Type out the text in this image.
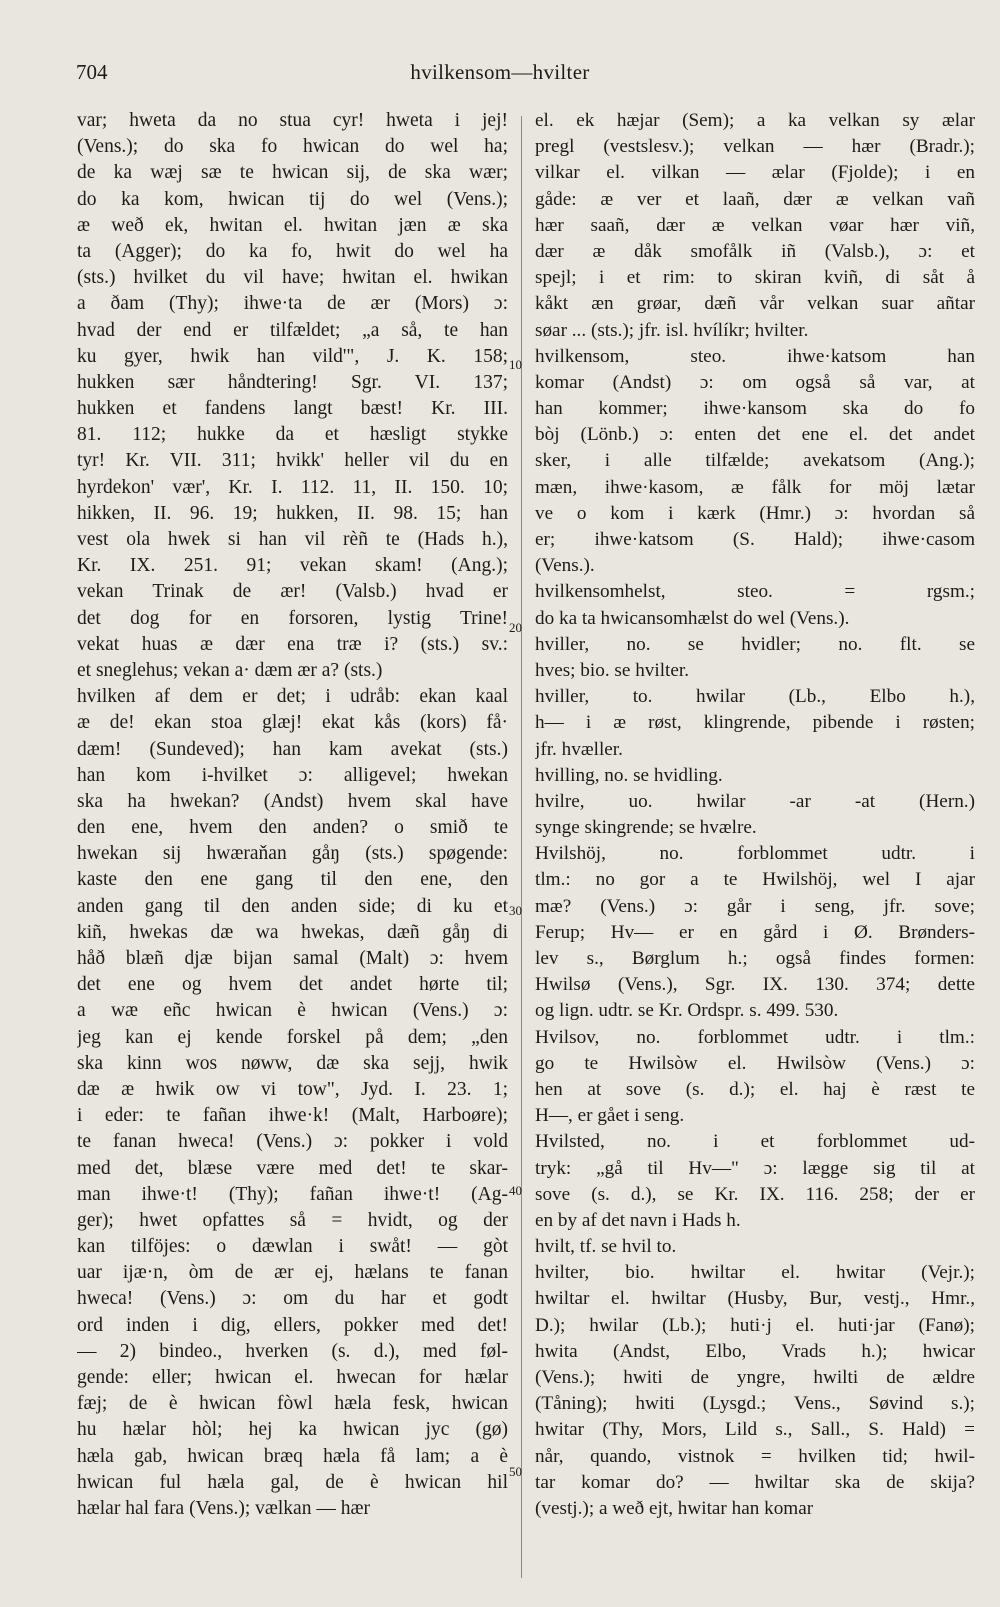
704	hvilkensom—hvilter
var; hweta da no stua cyr! hweta i jej!
(Vens.); do ska fo hwican do wel ha;
de ka wæj sæ te hwican sij, de ska wær;
do ka kom, hwican tij do wel (Vens.);
æ weð ek, hwitan el. hwitan jæn æ ska
ta (Agger); do ka fo, hwit do wel ha
(sts.) hvilket du vil have; hwitan el. hwikan
a ðam (Thy); ihwe·ta de ær (Mors) ɔ:
hvad der end er tilfældet; „a så, te han
ku gyer, hwik han vild'", J. K. 158;
hukken sær håndtering! Sgr. VI. 137;
hukken et fandens langt bæst! Kr. III.
81. 112; hukke da et hæsligt stykke
tyr! Kr. VII. 311; hvikk' heller vil du en
hyrdekon' vær', Kr. I. 112. 11, II. 150. 10;
hikken, II. 96. 19; hukken, II. 98. 15; han
vest ola hwek si han vil rèñ te (Hads h.),
Kr. IX. 251. 91; vekan skam! (Ang.);
vekan Trinak de ær! (Valsb.) hvad er
det dog for en forsoren, lystig Trine!
vekat huas æ dær ena træ i? (sts.) sv.:
et sneglehus; vekan a· dæm ær a? (sts.)
hvilken af dem er det; i udråb: ekan kaal
æ de! ekan stoa glæj! ekat kås (kors) få·
dæm! (Sundeved); han kam avekat (sts.)
han kom i-hvilket ɔ: alligevel; hwekan
ska ha hwekan? (Andst) hvem skal have
den ene, hvem den anden? o smið te
hwekan sij hwæraňan gåŋ (sts.) spøgende:
kaste den ene gang til den ene, den
anden gang til den anden side; di ku et
kiñ, hwekas dæ wa hwekas, dæñ gåŋ di
håð blæñ djæ bijan samal (Malt) ɔ: hvem
det ene og hvem det andet hørte til;
a wæ eñc hwican è hwican (Vens.) ɔ:
jeg kan ej kende forskel på dem; „den
ska kinn wos nøww, dæ ska sejj, hwik
dæ æ hwik ow vi tow", Jyd. I. 23. 1;
i eder: te fañan ihwe·k! (Malt, Harboøre);
te fanan hweca! (Vens.) ɔ: pokker i vold
med det, blæse være med det! te skar-
man ihwe·t! (Thy); fañan ihwe·t! (Ag-
ger); hwet opfattes så = hvidt, og der
kan tilföjes: o dæwlan i swåt! — gòt
uar ijæ·n, òm de ær ej, hælans te fanan
hweca! (Vens.) ɔ: om du har et godt
ord inden i dig, ellers, pokker med det!
— 2) bindeo., hverken (s. d.), med føl-
gende: eller; hwican el. hwecan for hælar
fæj; de è hwican fòwl hæla fesk, hwican
hu hælar hòl; hej ka hwican jyc (gø)
hæla gab, hwican bræq hæla få lam; a è
hwican ful hæla gal, de è hwican hil
hælar hal fara (Vens.); vælkan — hær
el. ek hæjar (Sem); a ka velkan sy ælar
pregl (vestslesv.); velkan — hær (Bradr.);
vilkar el. vilkan — ælar (Fjolde); i en
gåde: æ ver et laañ, dær æ velkan vañ
hær saañ, dær æ velkan vøar hær viñ,
dær æ dåk smofålk iñ (Valsb.), ɔ: et
spejl; i et rim: to skiran kviñ, di såt å
kåkt æn grøar, dæñ vår velkan suar añtar
søar ... (sts.); jfr. isl. hvílíkr; hvilter.
hvilkensom, steo. ihwe·katsom han
komar (Andst) ɔ: om også så var, at
han kommer; ihwe·kansom ska do fo
bòj (Lönb.) ɔ: enten det ene el. det andet
sker, i alle tilfælde; avekatsom (Ang.);
mæn, ihwe·kasom, æ fålk for möj lætar
ve o kom i kærk (Hmr.) ɔ: hvordan så
er; ihwe·katsom (S. Hald); ihwe·casom
(Vens.).
hvilkensomhelst, steo. = rgsm.;
do ka ta hwicansomhælst do wel (Vens.).
hviller, no. se hvidler; no. flt. se
hves; bio. se hvilter.
hviller, to. hwilar (Lb., Elbo h.),
h— i æ røst, klingrende, pibende i røsten;
jfr. hvæller.
hvilling, no. se hvidling.
hvilre, uo. hwilar -ar -at (Hern.)
synge skingrende; se hvælre.
Hvilshöj, no. forblommet udtr. i
tlm.: no gor a te Hwilshöj, wel I ajar
mæ? (Vens.) ɔ: går i seng, jfr. sove;
Ferup; Hv— er en gård i Ø. Brønders-
lev s., Børglum h.; også findes formen:
Hwilsø (Vens.), Sgr. IX. 130. 374; dette
og lign. udtr. se Kr. Ordspr. s. 499. 530.
Hvilsov, no. forblommet udtr. i tlm.:
go te Hwilsòw el. Hwilsòw (Vens.) ɔ:
hen at sove (s. d.); el. haj è ræst te
H—, er gået i seng.
Hvilsted, no. i et forblommet ud-
tryk: „gå til Hv—" ɔ: lægge sig til at
sove (s. d.), se Kr. IX. 116. 258; der er
en by af det navn i Hads h.
hvilt, tf. se hvil to.
hvilter, bio. hwiltar el. hwitar (Vejr.);
hwiltar el. hwiltar (Husby, Bur, vestj., Hmr.,
D.); hwilar (Lb.); huti·j el. huti·jar (Fanø);
hwita (Andst, Elbo, Vrads h.); hwicar
(Vens.); hwiti de yngre, hwilti de ældre
(Tåning); hwiti (Lysgd.; Vens., Søvind s.);
hwitar (Thy, Mors, Lild s., Sall., S. Hald) =
når, quando, vistnok = hvilken tid; hwil-
tar komar do? — hwiltar ska de skija?
(vestj.); a weð ejt, hwitar han komar
10
20
30
40
50
